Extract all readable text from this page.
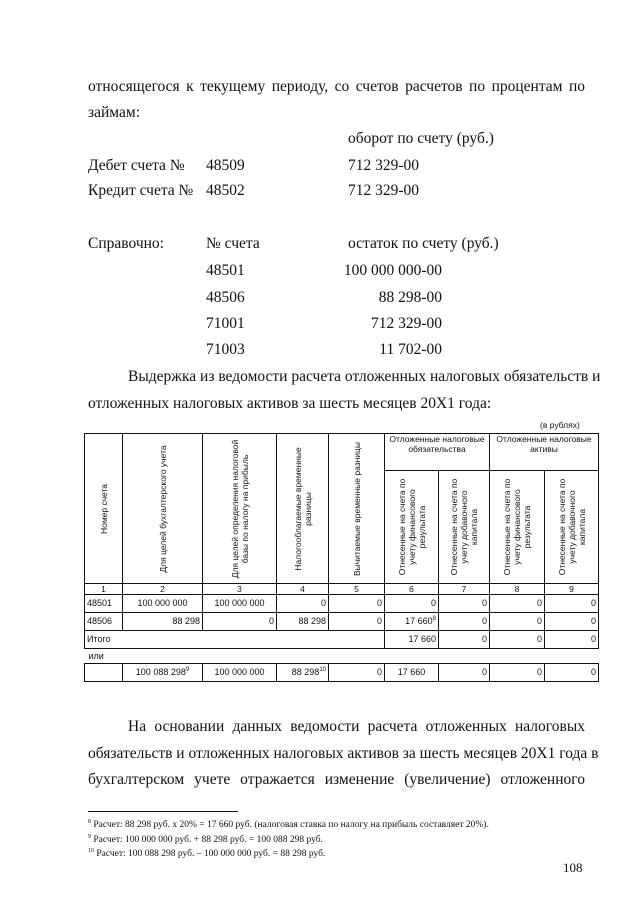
относящегося к текущему периоду, со счетов расчетов по процентам по
займам:
оборот по счету (руб.)
Дебет счета № 48509	712 329-00
Кредит счета № 48502	712 329-00
Справочно:	№ счета	остаток по счету (руб.)
48501	100 000 000-00
48506	88 298-00
71001	712 329-00
71003	11 702-00
Выдержка из ведомости расчета отложенных налоговых обязательств и
отложенных налоговых активов за шесть месяцев 20Х1 года:
(в рублях)
Номер счета	Для целей бухгалтерского учета	Для целей определения налоговой базы по налогу на прибыль	Налогооблагаемые временные разницы	Вычитаемые временные разницы	Отложенные налоговые обязательства		Отложенные налоговые активы	

					Отнесенные на счета по учету финансового результата	Отнесенные на счета по учету добавочного капитала	Отнесенные на счета по учету финансового результата	Отнесенные на счета по учету добавочного капитала

1	2	3	4	5	6	7	8	9
48501	100 000 000	100 000 000	0	0	0	0	0	0
48506	88 298	0	88 298	0	17 $660^8$	0	0	0
Итого					17 660	0	0	0
или								
	100 088 $298^9$	100 000 000	88 $298^{10}$	0	17 660	0	0	0
На основании данных ведомости расчета отложенных налоговых
обязательств и отложенных налоговых активов за шесть месяцев 20Х1 года в
бухгалтерском учете отражается изменение (увеличение) отложенного
$^8$ Расчет: 88 298 руб. х 20% = 17 660 руб. (налоговая ставка по налогу на прибыль составляет 20%).
$^9$ Расчет: 100 000 000 руб. + 88 298 руб. = 100 088 298 руб.
$^{10}$ Расчет: 100 088 298 руб. – 100 000 000 руб. = 88 298 руб.
108
